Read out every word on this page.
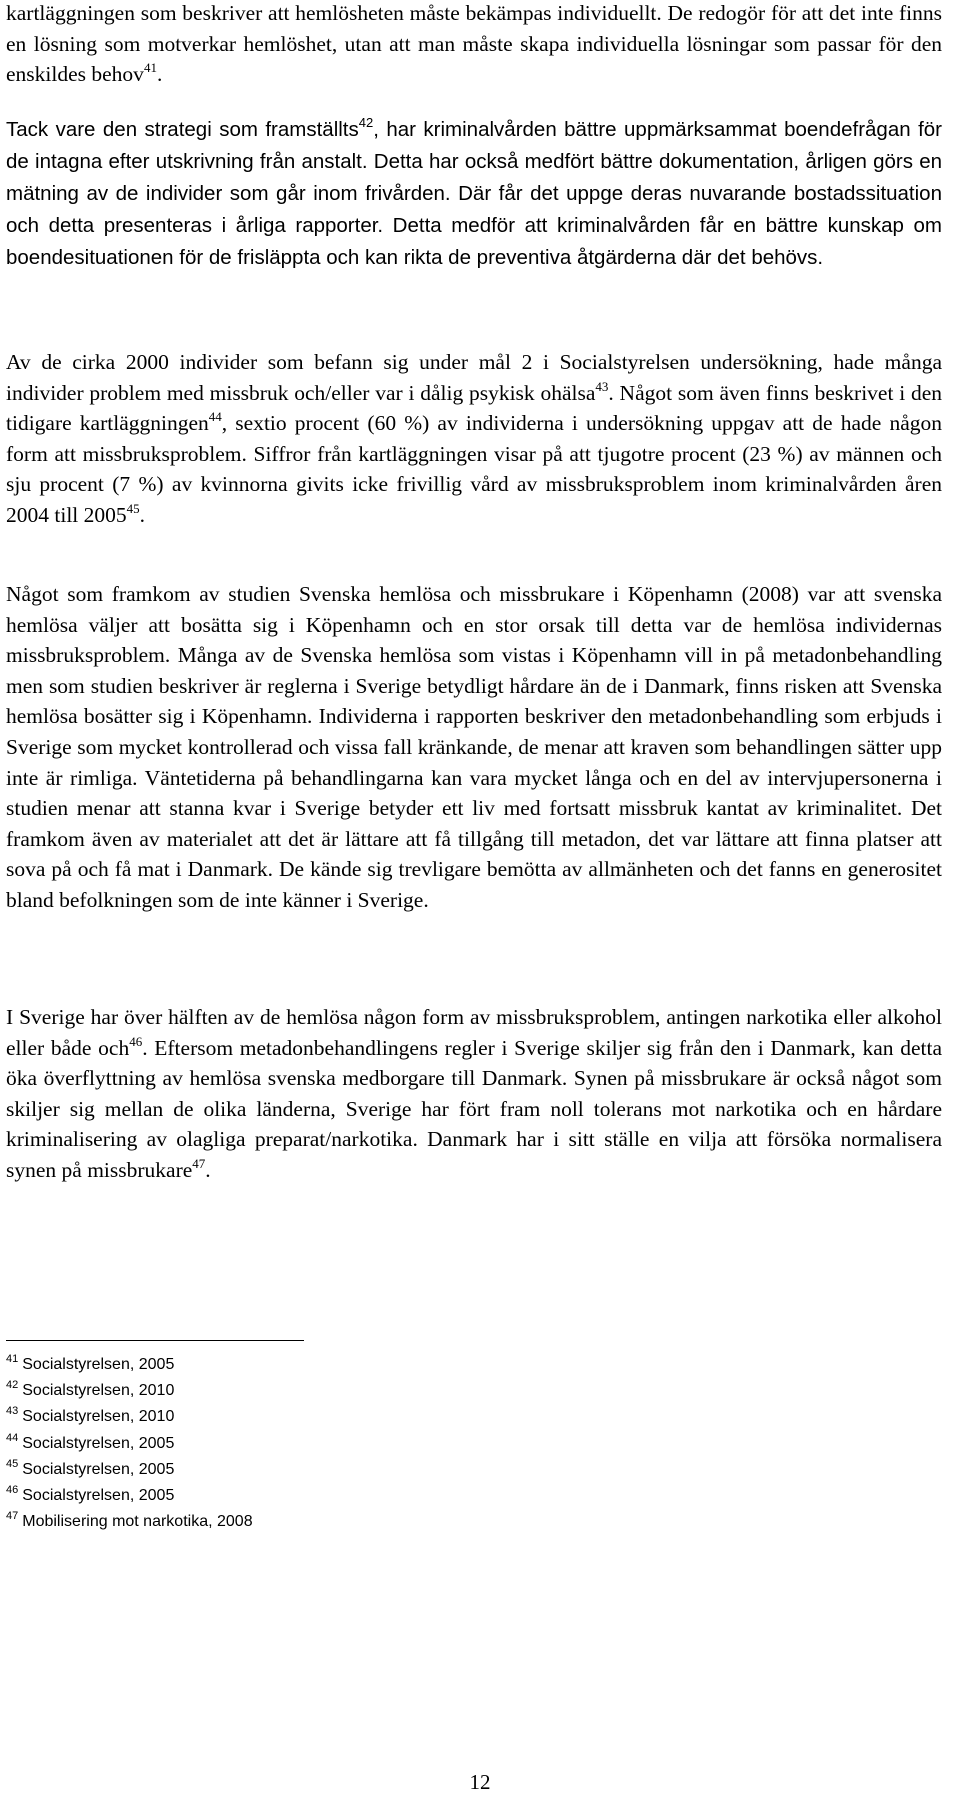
kartläggningen som beskriver att hemlösheten måste bekämpas individuellt. De redogör för att det inte finns en lösning som motverkar hemlöshet, utan att man måste skapa individuella lösningar som passar för den enskildes behov$^{41}$.

Tack vare den strategi som framställts$^{42}$, har kriminalvården bättre uppmärksammat boendefrågan för de intagna efter utskrivning från anstalt. Detta har också medfört bättre dokumentation, årligen görs en mätning av de individer som går inom frivården. Där får det uppge deras nuvarande bostadssituation och detta presenteras i årliga rapporter. Detta medför att kriminalvården får en bättre kunskap om boendesituationen för de frisläppta och kan rikta de preventiva åtgärderna där det behövs.

Av de cirka 2000 individer som befann sig under mål 2 i Socialstyrelsen undersökning, hade många individer problem med missbruk och/eller var i dålig psykisk ohälsa$^{43}$. Något som även finns beskrivet i den tidigare kartläggningen$^{44}$, sextio procent (60 %) av individerna i undersökning uppgav att de hade någon form att missbruksproblem. Siffror från kartläggningen visar på att tjugotre procent (23 %) av männen och sju procent (7 %) av kvinnorna givits icke frivillig vård av missbruksproblem inom kriminalvården åren 2004 till 2005$^{45}$.

Något som framkom av studien Svenska hemlösa och missbrukare i Köpenhamn (2008) var att svenska hemlösa väljer att bosätta sig i Köpenhamn och en stor orsak till detta var de hemlösa individernas missbruksproblem. Många av de Svenska hemlösa som vistas i Köpenhamn vill in på metadonbehandling men som studien beskriver är reglerna i Sverige betydligt hårdare än de i Danmark, finns risken att Svenska hemlösa bosätter sig i Köpenhamn. Individerna i rapporten beskriver den metadonbehandling som erbjuds i Sverige som mycket kontrollerad och vissa fall kränkande, de menar att kraven som behandlingen sätter upp inte är rimliga. Väntetiderna på behandlingarna kan vara mycket långa och en del av intervjupersonerna i studien menar att stanna kvar i Sverige betyder ett liv med fortsatt missbruk kantat av kriminalitet. Det framkom även av materialet att det är lättare att få tillgång till metadon, det var lättare att finna platser att sova på och få mat i Danmark. De kände sig trevligare bemötta av allmänheten och det fanns en generositet bland befolkningen som de inte känner i Sverige.

I Sverige har över hälften av de hemlösa någon form av missbruksproblem, antingen narkotika eller alkohol eller både och$^{46}$. Eftersom metadonbehandlingens regler i Sverige skiljer sig från den i Danmark, kan detta öka överflyttning av hemlösa svenska medborgare till Danmark. Synen på missbrukare är också något som skiljer sig mellan de olika länderna, Sverige har fört fram noll tolerans mot narkotika och en hårdare kriminalisering av olagliga preparat/narkotika. Danmark har i sitt ställe en vilja att försöka normalisera synen på missbrukare$^{47}$.

$^{41}$ Socialstyrelsen, 2005
$^{42}$ Socialstyrelsen, 2010
$^{43}$ Socialstyrelsen, 2010
$^{44}$ Socialstyrelsen, 2005
$^{45}$ Socialstyrelsen, 2005
$^{46}$ Socialstyrelsen, 2005
$^{47}$ Mobilisering mot narkotika, 2008
12
